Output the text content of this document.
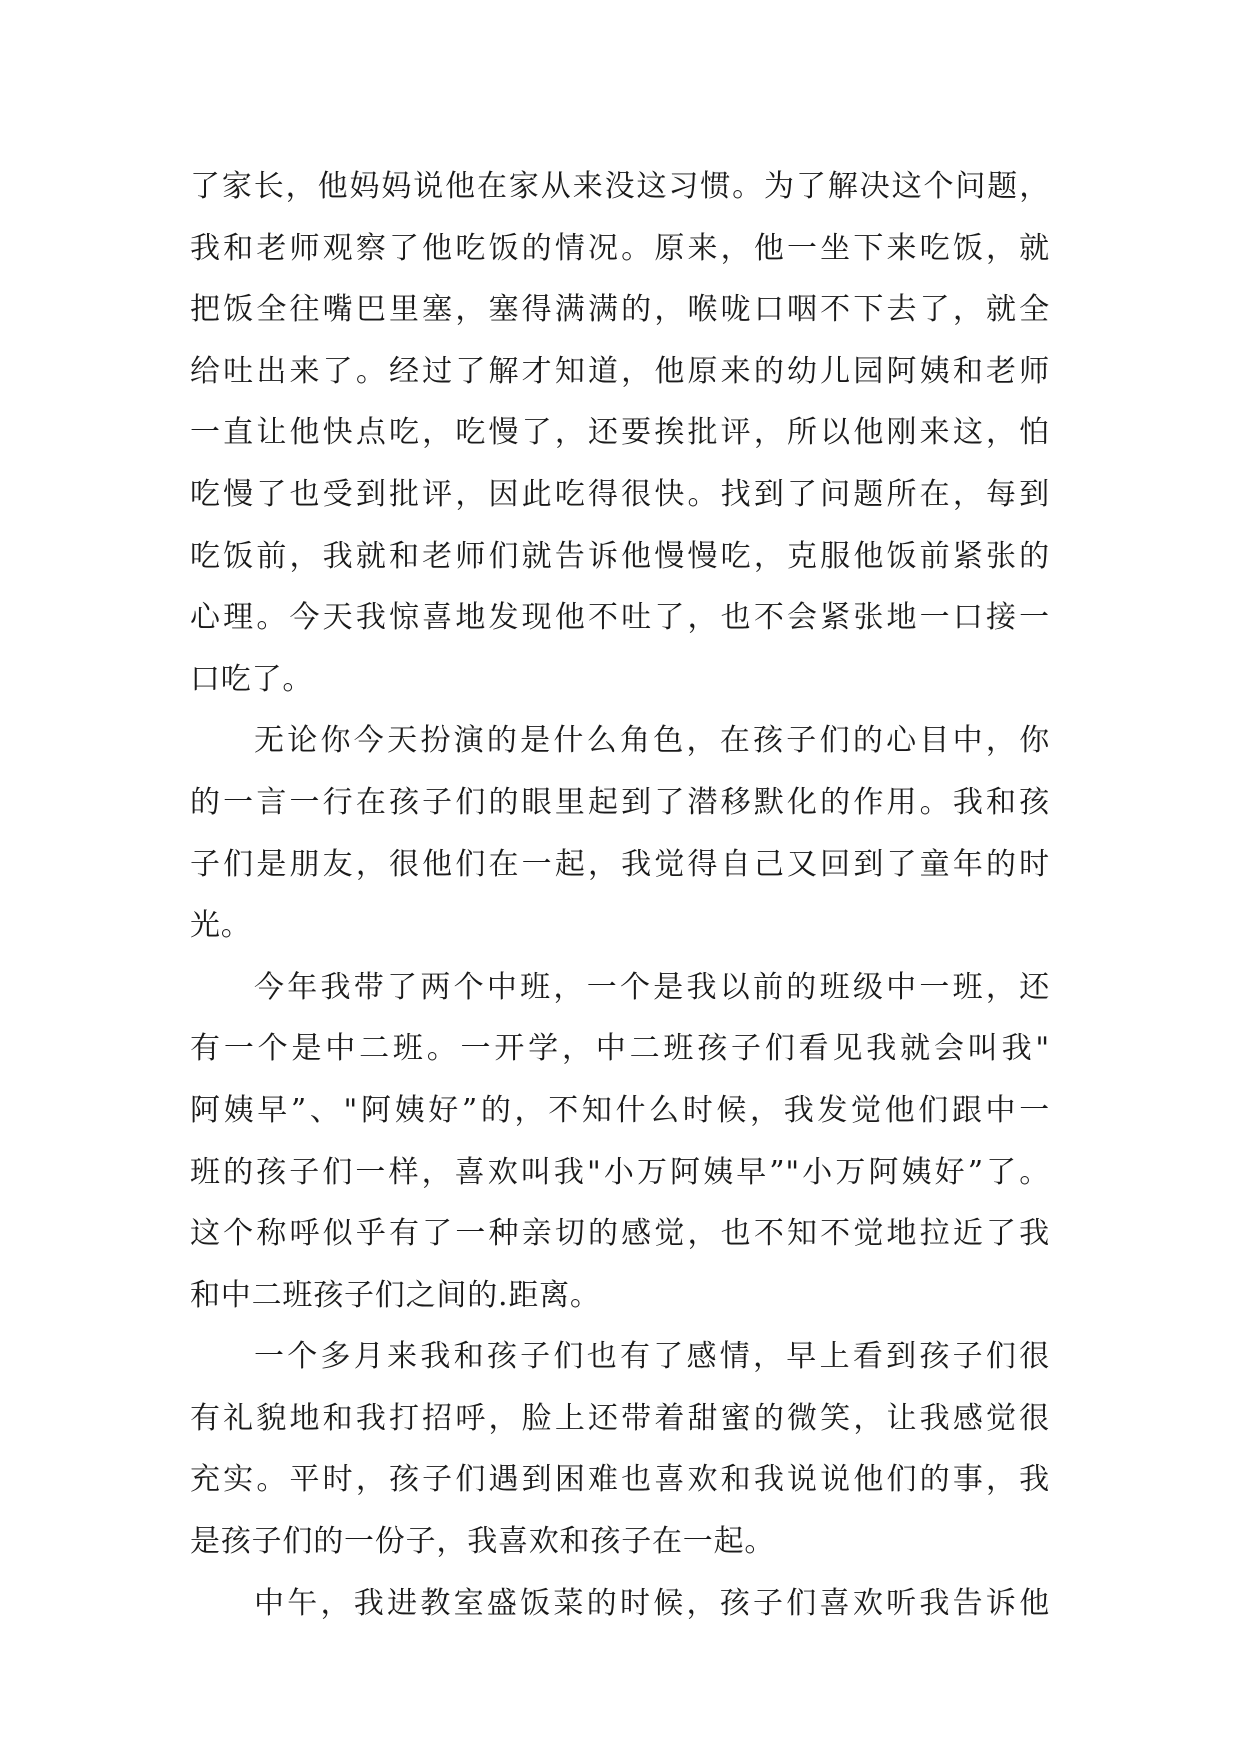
了家长，他妈妈说他在家从来没这习惯。为了解决这个问题，
我和老师观察了他吃饭的情况。原来，他一坐下来吃饭，就
把饭全往嘴巴里塞，塞得满满的，喉咙口咽不下去了，就全
给吐出来了。经过了解才知道，他原来的幼儿园阿姨和老师
一直让他快点吃，吃慢了，还要挨批评，所以他刚来这，怕
吃慢了也受到批评，因此吃得很快。找到了问题所在，每到
吃饭前，我就和老师们就告诉他慢慢吃，克服他饭前紧张的
心理。今天我惊喜地发现他不吐了，也不会紧张地一口接一
口吃了。
无论你今天扮演的是什么角色，在孩子们的心目中，你
的一言一行在孩子们的眼里起到了潜移默化的作用。我和孩
子们是朋友，很他们在一起，我觉得自己又回到了童年的时
光。
今年我带了两个中班，一个是我以前的班级中一班，还
有一个是中二班。一开学，中二班孩子们看见我就会叫我"
阿姨早”、"阿姨好”的，不知什么时候，我发觉他们跟中一
班的孩子们一样，喜欢叫我"小万阿姨早”"小万阿姨好”了。
这个称呼似乎有了一种亲切的感觉，也不知不觉地拉近了我
和中二班孩子们之间的.距离。
一个多月来我和孩子们也有了感情，早上看到孩子们很
有礼貌地和我打招呼，脸上还带着甜蜜的微笑，让我感觉很
充实。平时，孩子们遇到困难也喜欢和我说说他们的事，我
是孩子们的一份子，我喜欢和孩子在一起。
中午，我进教室盛饭菜的时候，孩子们喜欢听我告诉他
